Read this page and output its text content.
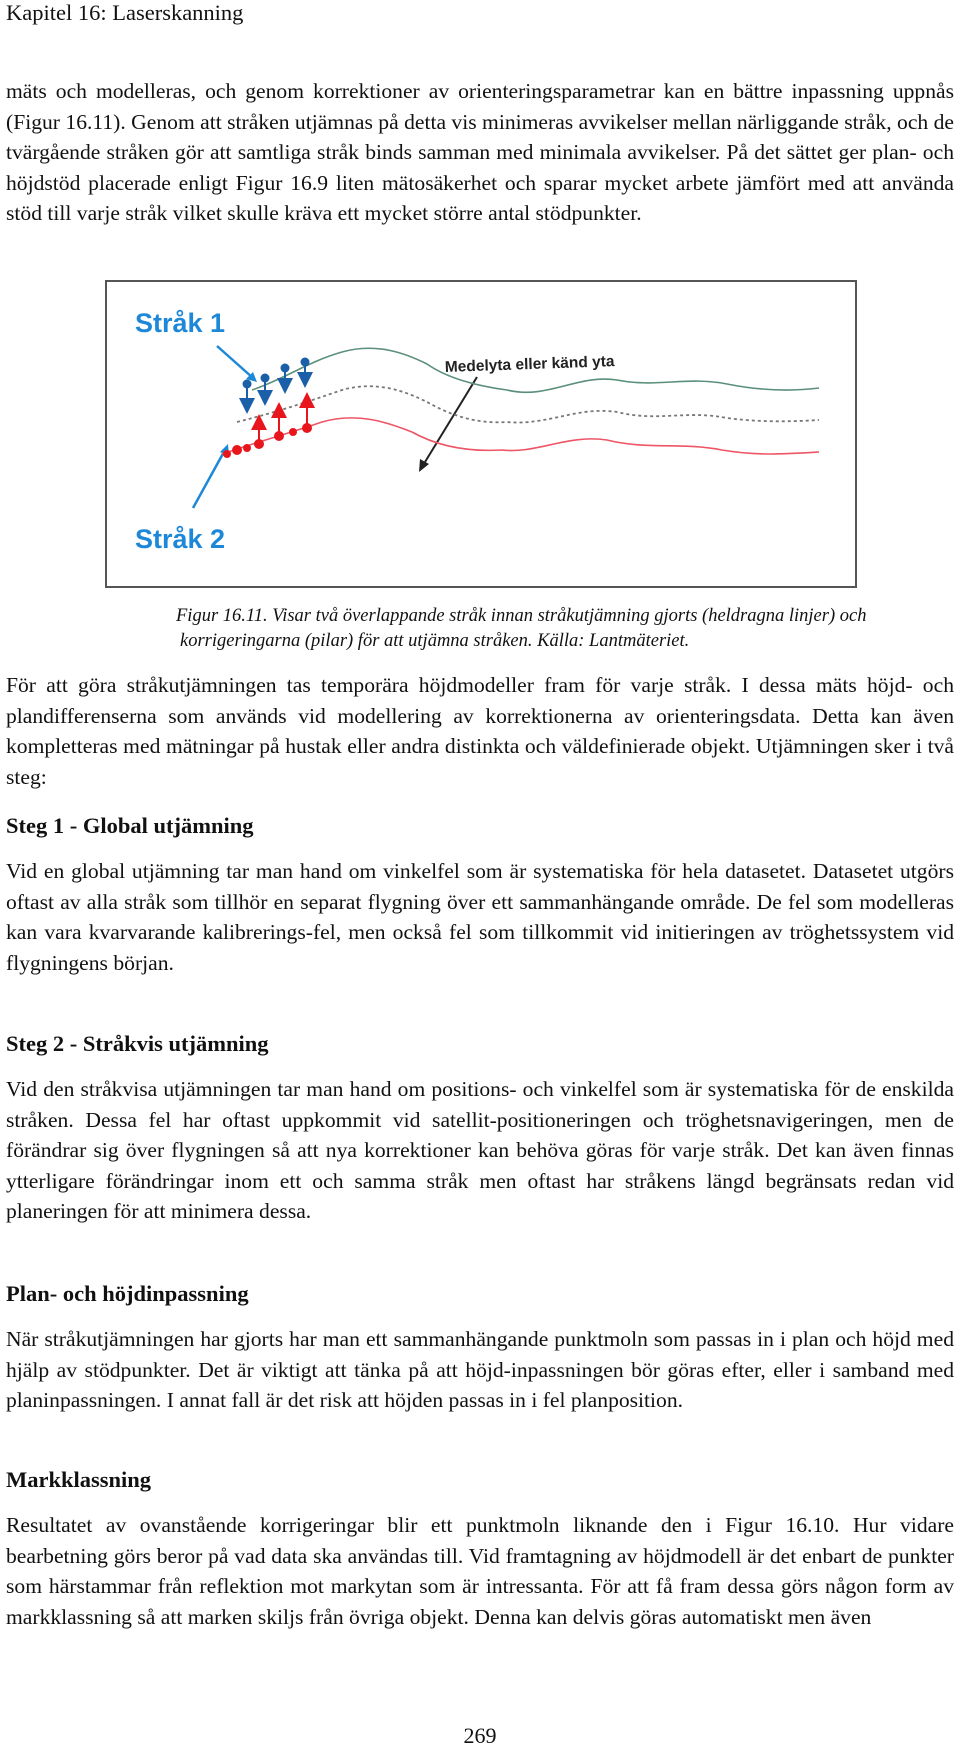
Kapitel 16: Laserskanning

mäts och modelleras, och genom korrektioner av orienteringsparametrar kan en bättre inpassning uppnås (Figur 16.11). Genom att stråken utjämnas på detta vis minimeras avvikelser mellan närliggande stråk, och de tvärgående stråken gör att samtliga stråk binds samman med minimala avvikelser. På det sättet ger plan- och höjdstöd placerade enligt Figur 16.9 liten mätosäkerhet och sparar mycket arbete jämfört med att använda stöd till varje stråk vilket skulle kräva ett mycket större antal stödpunkter.

Stråk 1
Stråk 2
Medelyta eller känd yta

Figur 16.11. Visar två överlappande stråk innan stråkutjämning gjorts (heldragna linjer) och
korrigeringarna (pilar) för att utjämna stråken. Källa: Lantmäteriet.

För att göra stråkutjämningen tas temporära höjdmodeller fram för varje stråk. I dessa mäts höjd- och plandifferenserna som används vid modellering av korrektionerna av orienteringsdata. Detta kan även kompletteras med mätningar på hustak eller andra distinkta och väldefinierade objekt. Utjämningen sker i två steg:

Steg 1 - Global utjämning

Vid en global utjämning tar man hand om vinkelfel som är systematiska för hela datasetet. Datasetet utgörs oftast av alla stråk som tillhör en separat flygning över ett sammanhängande område. De fel som modelleras kan vara kvarvarande kalibrerings-fel, men också fel som tillkommit vid initieringen av tröghetssystem vid flygningens början.

Steg 2 - Stråkvis utjämning

Vid den stråkvisa utjämningen tar man hand om positions- och vinkelfel som är systematiska för de enskilda stråken. Dessa fel har oftast uppkommit vid satellit-positioneringen och tröghetsnavigeringen, men de förändrar sig över flygningen så att nya korrektioner kan behöva göras för varje stråk. Det kan även finnas ytterligare förändringar inom ett och samma stråk men oftast har stråkens längd begränsats redan vid planeringen för att minimera dessa.

Plan- och höjdinpassning

När stråkutjämningen har gjorts har man ett sammanhängande punktmoln som passas in i plan och höjd med hjälp av stödpunkter. Det är viktigt att tänka på att höjd-inpassningen bör göras efter, eller i samband med planinpassningen. I annat fall är det risk att höjden passas in i fel planposition.

Markklassning

Resultatet av ovanstående korrigeringar blir ett punktmoln liknande den i Figur 16.10. Hur vidare bearbetning görs beror på vad data ska användas till. Vid framtagning av höjdmodell är det enbart de punkter som härstammar från reflektion mot markytan som är intressanta. För att få fram dessa görs någon form av markklassning så att marken skiljs från övriga objekt. Denna kan delvis göras automatiskt men även

269
